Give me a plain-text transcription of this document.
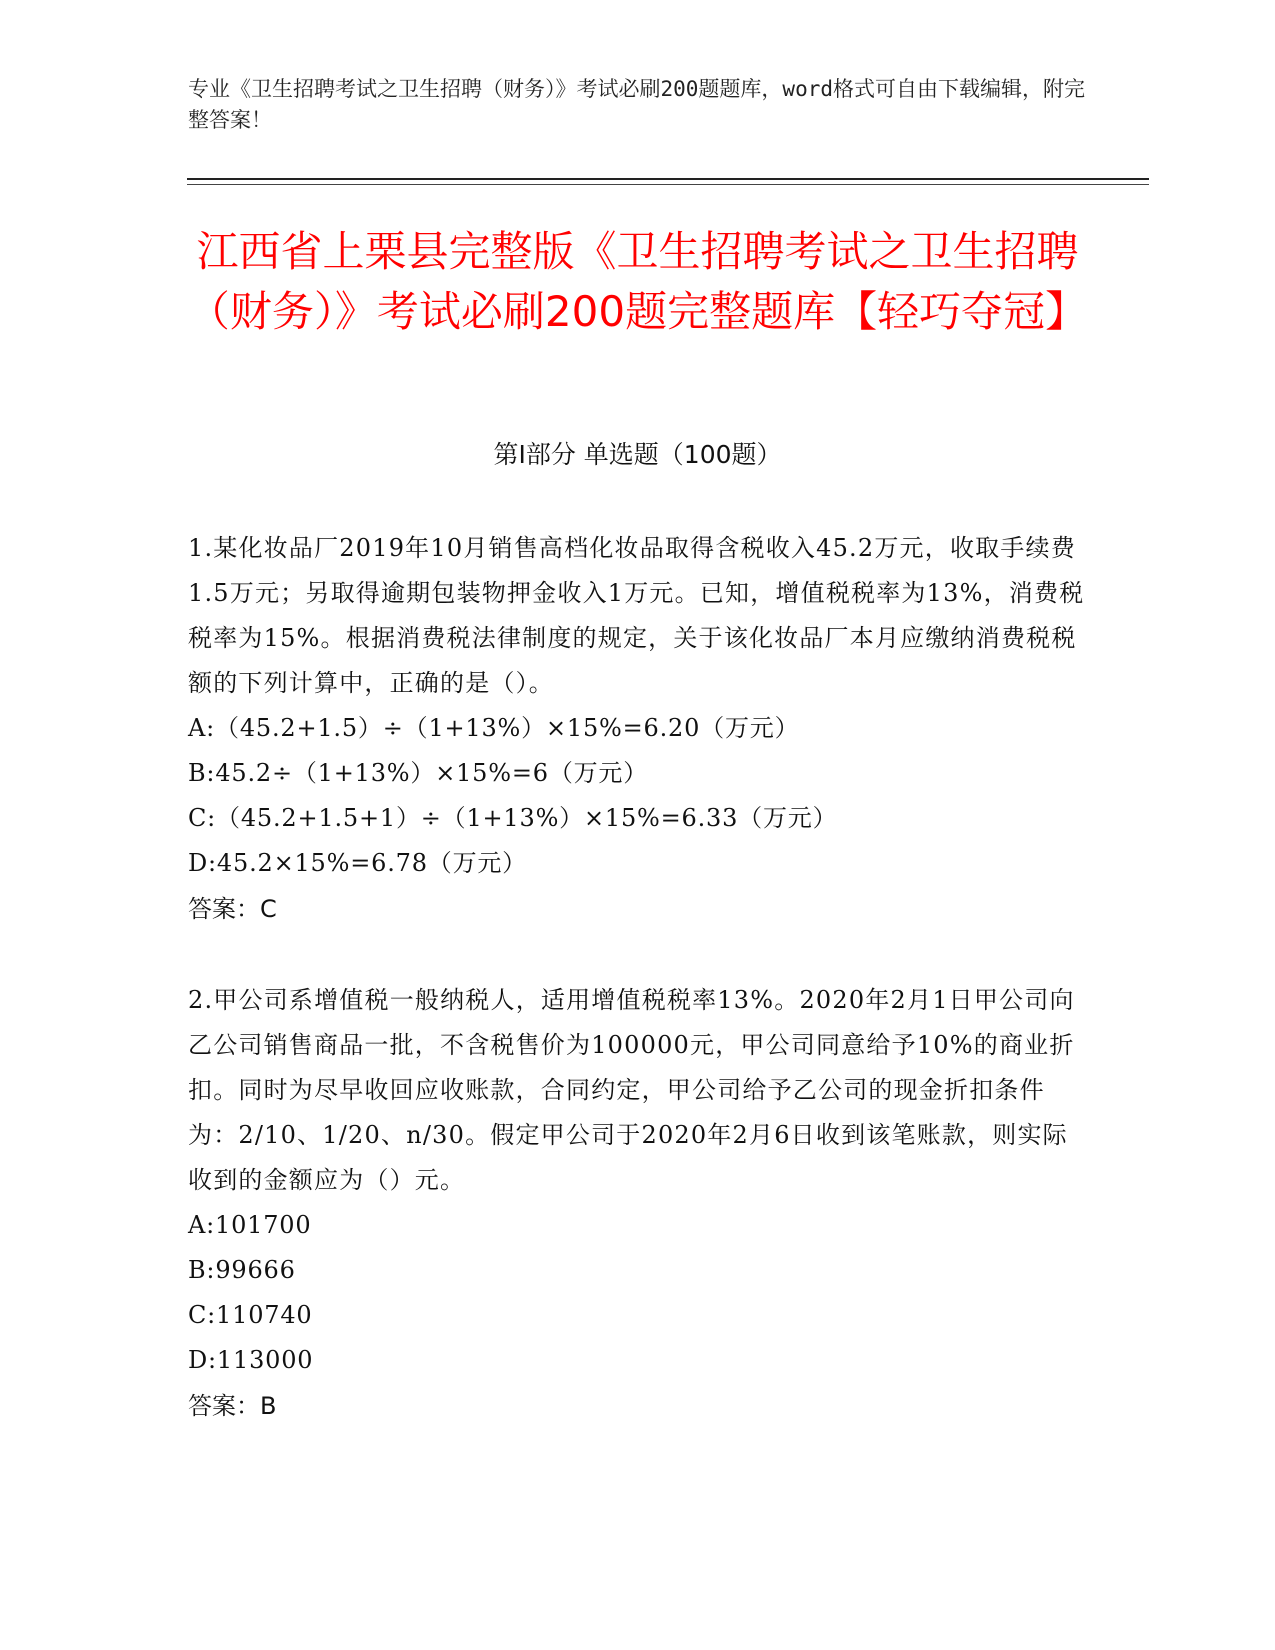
专业《卫生招聘考试之卫生招聘（财务）》考试必刷200题题库，word格式可自由下载编辑，附完整答案！
江西省上栗县完整版《卫生招聘考试之卫生招聘（财务）》考试必刷200题完整题库【轻巧夺冠】
第I部分 单选题（100题）

1.某化妆品厂2019年10月销售高档化妆品取得含税收入45.2万元，收取手续费1.5万元；另取得逾期包装物押金收入1万元。已知，增值税税率为13%，消费税税率为15%。根据消费税法律制度的规定，关于该化妆品厂本月应缴纳消费税税额的下列计算中，正确的是（）。

A:（45.2+1.5）÷（1+13%）×15%=6.20（万元）

B:45.2÷（1+13%）×15%=6（万元）

C:（45.2+1.5+1）÷（1+13%）×15%=6.33（万元）

D:45.2×15%=6.78（万元）

答案：C

2.甲公司系增值税一般纳税人，适用增值税税率13%。2020年2月1日甲公司向乙公司销售商品一批，不含税售价为100000元，甲公司同意给予10%的商业折扣。同时为尽早收回应收账款，合同约定，甲公司给予乙公司的现金折扣条件为：2/10、1/20、n/30。假定甲公司于2020年2月6日收到该笔账款，则实际收到的金额应为（）元。

A:101700

B:99666

C:110740

D:113000

答案：B
